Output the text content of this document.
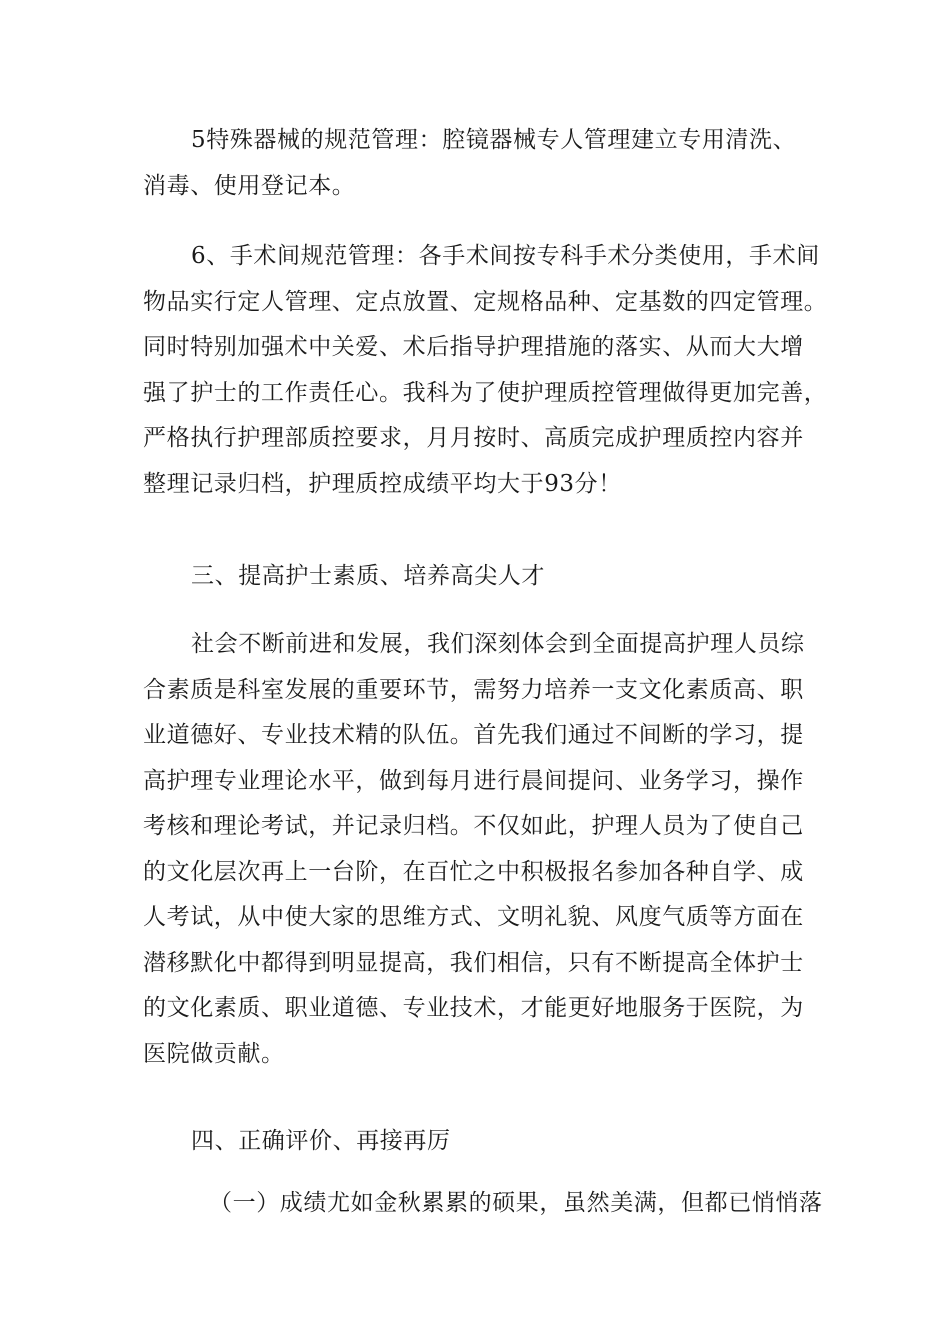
5特殊器械的规范管理：腔镜器械专人管理建立专用清洗、
消毒、使用登记本。
6、手术间规范管理：各手术间按专科手术分类使用，手术间
物品实行定人管理、定点放置、定规格品种、定基数的四定管理。
同时特别加强术中关爱、术后指导护理措施的落实、从而大大增
强了护士的工作责任心。我科为了使护理质控管理做得更加完善，
严格执行护理部质控要求，月月按时、高质完成护理质控内容并
整理记录归档，护理质控成绩平均大于93分！
三、提高护士素质、培养高尖人才
社会不断前进和发展，我们深刻体会到全面提高护理人员综
合素质是科室发展的重要环节，需努力培养一支文化素质高、职
业道德好、专业技术精的队伍。首先我们通过不间断的学习，提
高护理专业理论水平，做到每月进行晨间提问、业务学习，操作
考核和理论考试，并记录归档。不仅如此，护理人员为了使自己
的文化层次再上一台阶，在百忙之中积极报名参加各种自学、成
人考试，从中使大家的思维方式、文明礼貌、风度气质等方面在
潜移默化中都得到明显提高，我们相信，只有不断提高全体护士
的文化素质、职业道德、专业技术，才能更好地服务于医院，为
医院做贡献。
四、正确评价、再接再厉
（一）成绩尤如金秋累累的硕果，虽然美满，但都已悄悄落
